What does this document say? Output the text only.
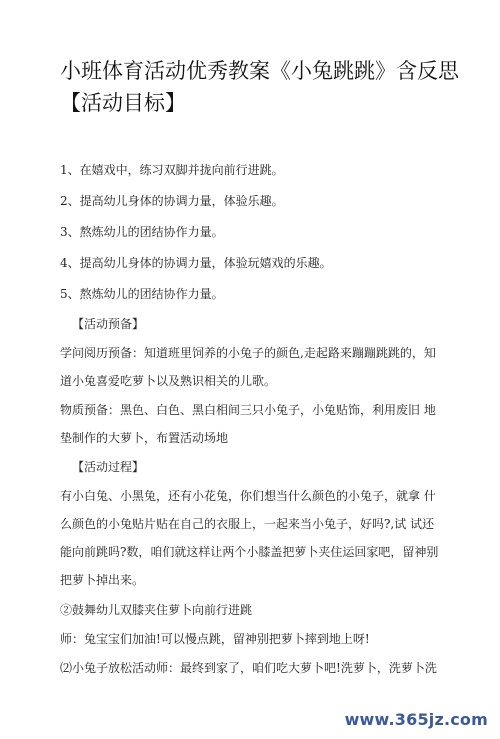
小班体育活动优秀教案《小兔跳跳》含反思
【活动目标】
1、在嬉戏中，练习双脚并拢向前行进跳。
2、提高幼儿身体的协调力量，体验乐趣。
3、熬炼幼儿的团结协作力量。
4、提高幼儿身体的协调力量，体验玩嬉戏的乐趣。
5、熬炼幼儿的团结协作力量。
【活动预备】
学问阅历预备：知道班里饲养的小兔子的颜色,走起路来蹦蹦跳跳的，知
道小兔喜爱吃萝卜以及熟识相关的儿歌。
物质预备：黑色、白色、黑白相间三只小兔子，小兔贴饰，利用废旧 地
垫制作的大萝卜，布置活动场地
【活动过程】
有小白兔、小黑兔，还有小花兔，你们想当什么颜色的小兔子，就拿 什
么颜色的小兔贴片贴在自己的衣服上，一起来当小兔子，好吗?,试 试还
能向前跳吗?数，咱们就这样让两个小膝盖把萝卜夹住运回家吧，留神别
把萝卜掉出来。
②鼓舞幼儿双膝夹住萝卜向前行进跳
师：兔宝宝们加油!可以慢点跳，留神别把萝卜摔到地上呀!
⑵小兔子放松活动师：最终到家了，咱们吃大萝卜吧!洗萝卜，洗萝卜洗
www.365jz.com
